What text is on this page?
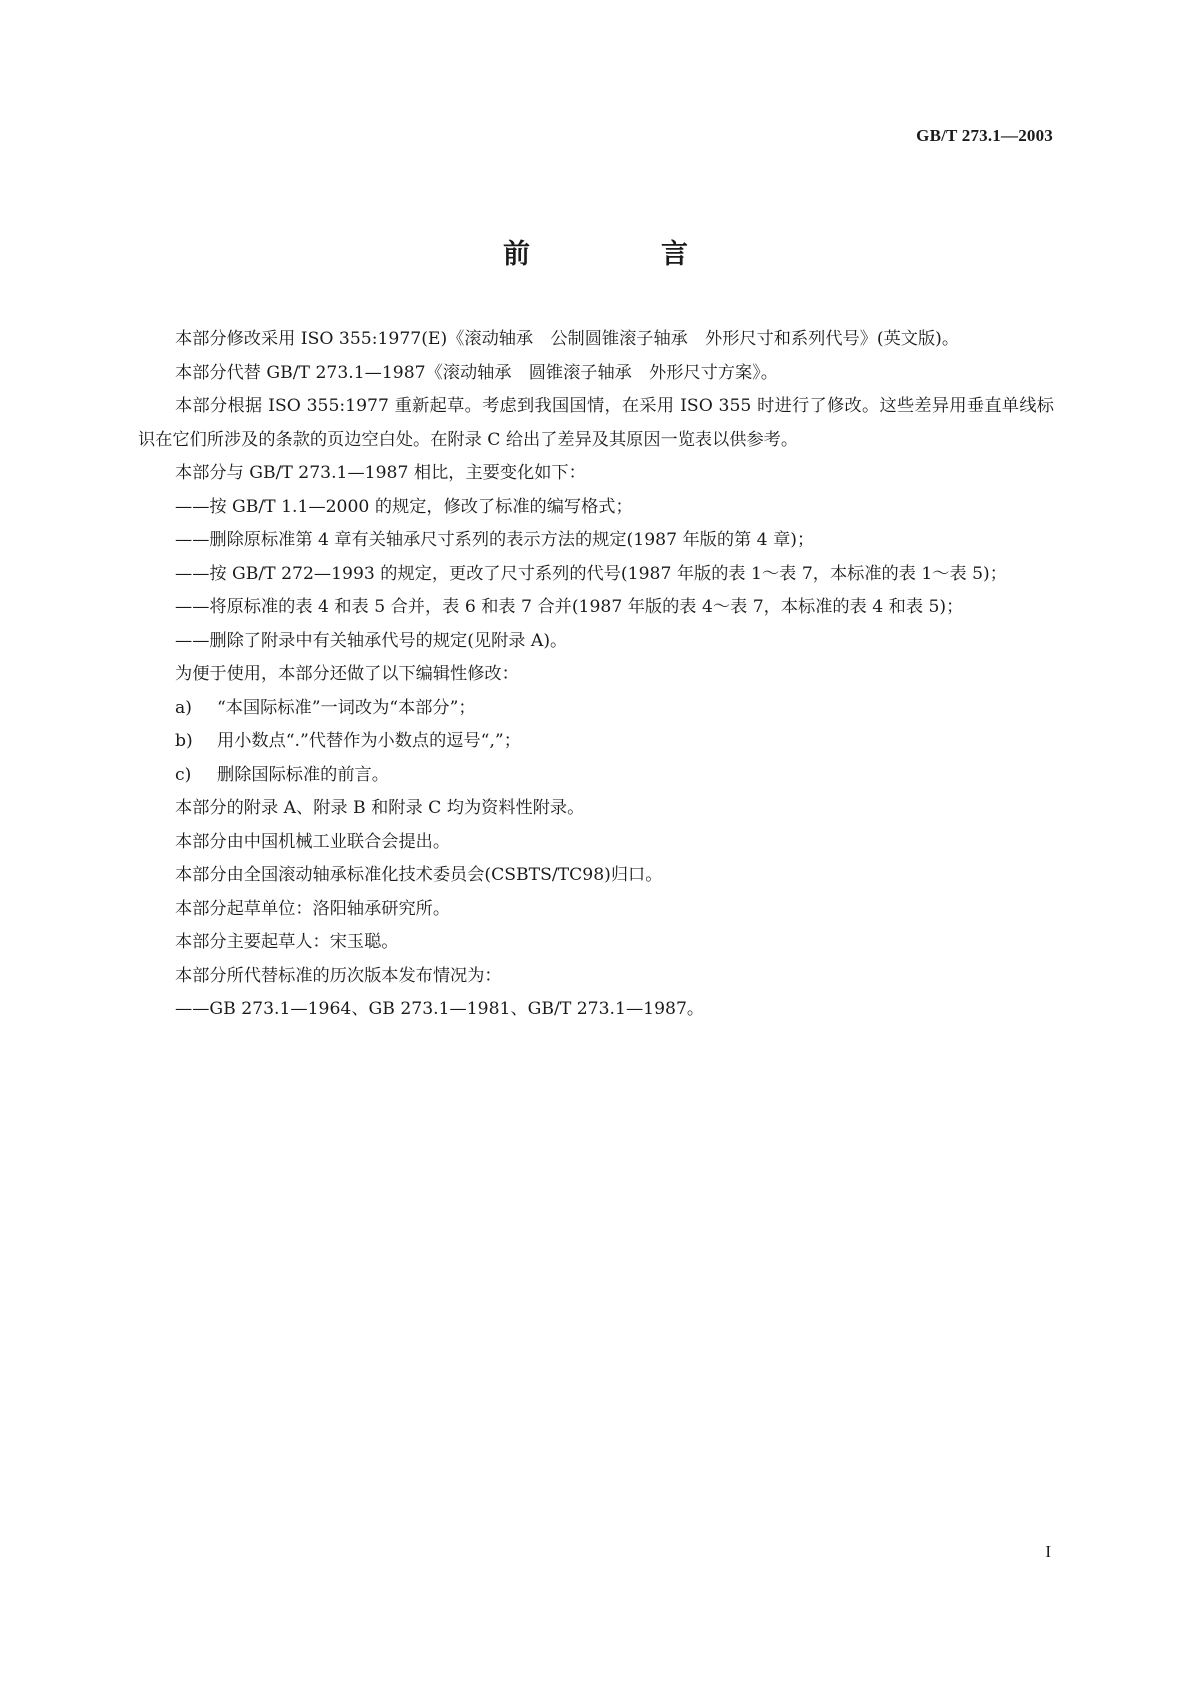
GB/T 273.1—2003
前　言

本部分修改采用 ISO 355:1977(E)《滚动轴承　公制圆锥滚子轴承　外形尺寸和系列代号》(英文版)。

本部分代替 GB/T 273.1—1987《滚动轴承　圆锥滚子轴承　外形尺寸方案》。

本部分根据 ISO 355:1977 重新起草。考虑到我国国情，在采用 ISO 355 时进行了修改。这些差异用垂直单线标识在它们所涉及的条款的页边空白处。在附录 C 给出了差异及其原因一览表以供参考。

本部分与 GB/T 273.1—1987 相比，主要变化如下：

——按 GB/T 1.1—2000 的规定，修改了标准的编写格式；

——删除原标准第 4 章有关轴承尺寸系列的表示方法的规定(1987 年版的第 4 章)；

——按 GB/T 272—1993 的规定，更改了尺寸系列的代号(1987 年版的表 1～表 7，本标准的表 1～表 5)；

——将原标准的表 4 和表 5 合并，表 6 和表 7 合并(1987 年版的表 4～表 7，本标准的表 4 和表 5)；

——删除了附录中有关轴承代号的规定(见附录 A)。

为便于使用，本部分还做了以下编辑性修改：

a) “本国际标准”一词改为“本部分”；

b) 用小数点“.”代替作为小数点的逗号“,”；

c) 删除国际标准的前言。

本部分的附录 A、附录 B 和附录 C 均为资料性附录。

本部分由中国机械工业联合会提出。

本部分由全国滚动轴承标准化技术委员会(CSBTS/TC98)归口。

本部分起草单位：洛阳轴承研究所。

本部分主要起草人：宋玉聪。

本部分所代替标准的历次版本发布情况为：

——GB 273.1—1964、GB 273.1—1981、GB/T 273.1—1987。

I
